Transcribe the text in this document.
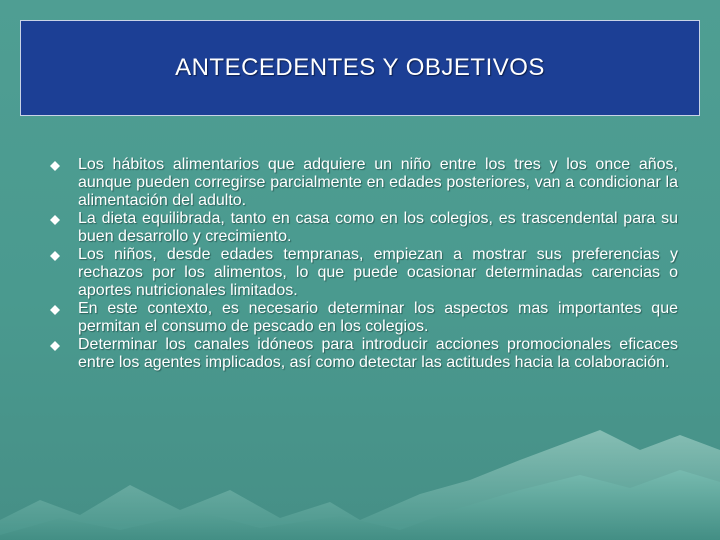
ANTECEDENTES Y OBJETIVOS
Los hábitos alimentarios que adquiere un niño entre los tres y los once años, aunque pueden corregirse parcialmente en edades posteriores, van a condicionar la alimentación del adulto.
La dieta equilibrada, tanto en casa como en los colegios, es trascendental para su buen desarrollo y crecimiento.
Los niños, desde edades tempranas, empiezan a mostrar sus preferencias y rechazos por los alimentos, lo que puede ocasionar determinadas carencias o aportes nutricionales limitados.
En este contexto, es necesario determinar los aspectos mas importantes que permitan el consumo de pescado en los colegios.
Determinar los canales idóneos para introducir acciones promocionales eficaces entre los agentes implicados, así como detectar las actitudes hacia la colaboración.
